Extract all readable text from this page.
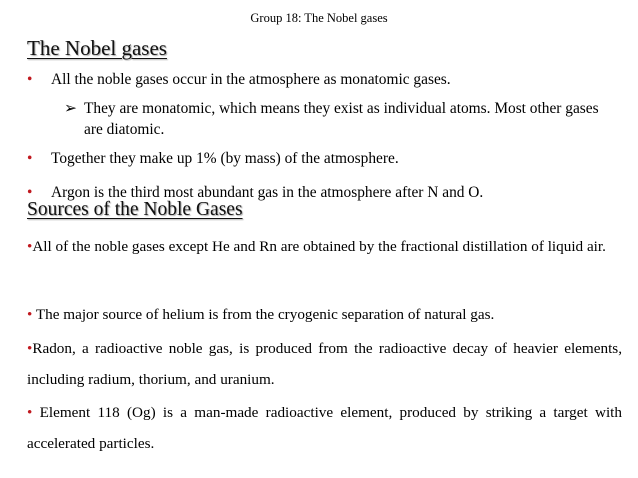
Group 18: The Nobel gases
The Nobel gases
• All the noble gases occur in the atmosphere as monatomic gases.
➢ They are monatomic, which means they exist as individual atoms. Most other gases are diatomic.
• Together they make up 1% (by mass) of the atmosphere.
• Argon is the third most abundant gas in the atmosphere after N and O.
Sources of the Noble Gases
•All of the noble gases except He and Rn are obtained by the fractional distillation of liquid air.
• The major source of helium is from the cryogenic separation of natural gas.
•Radon, a radioactive noble gas, is produced from the radioactive decay of heavier elements, including radium, thorium, and uranium.
• Element 118 (Og) is a man-made radioactive element, produced by striking a target with accelerated particles.
